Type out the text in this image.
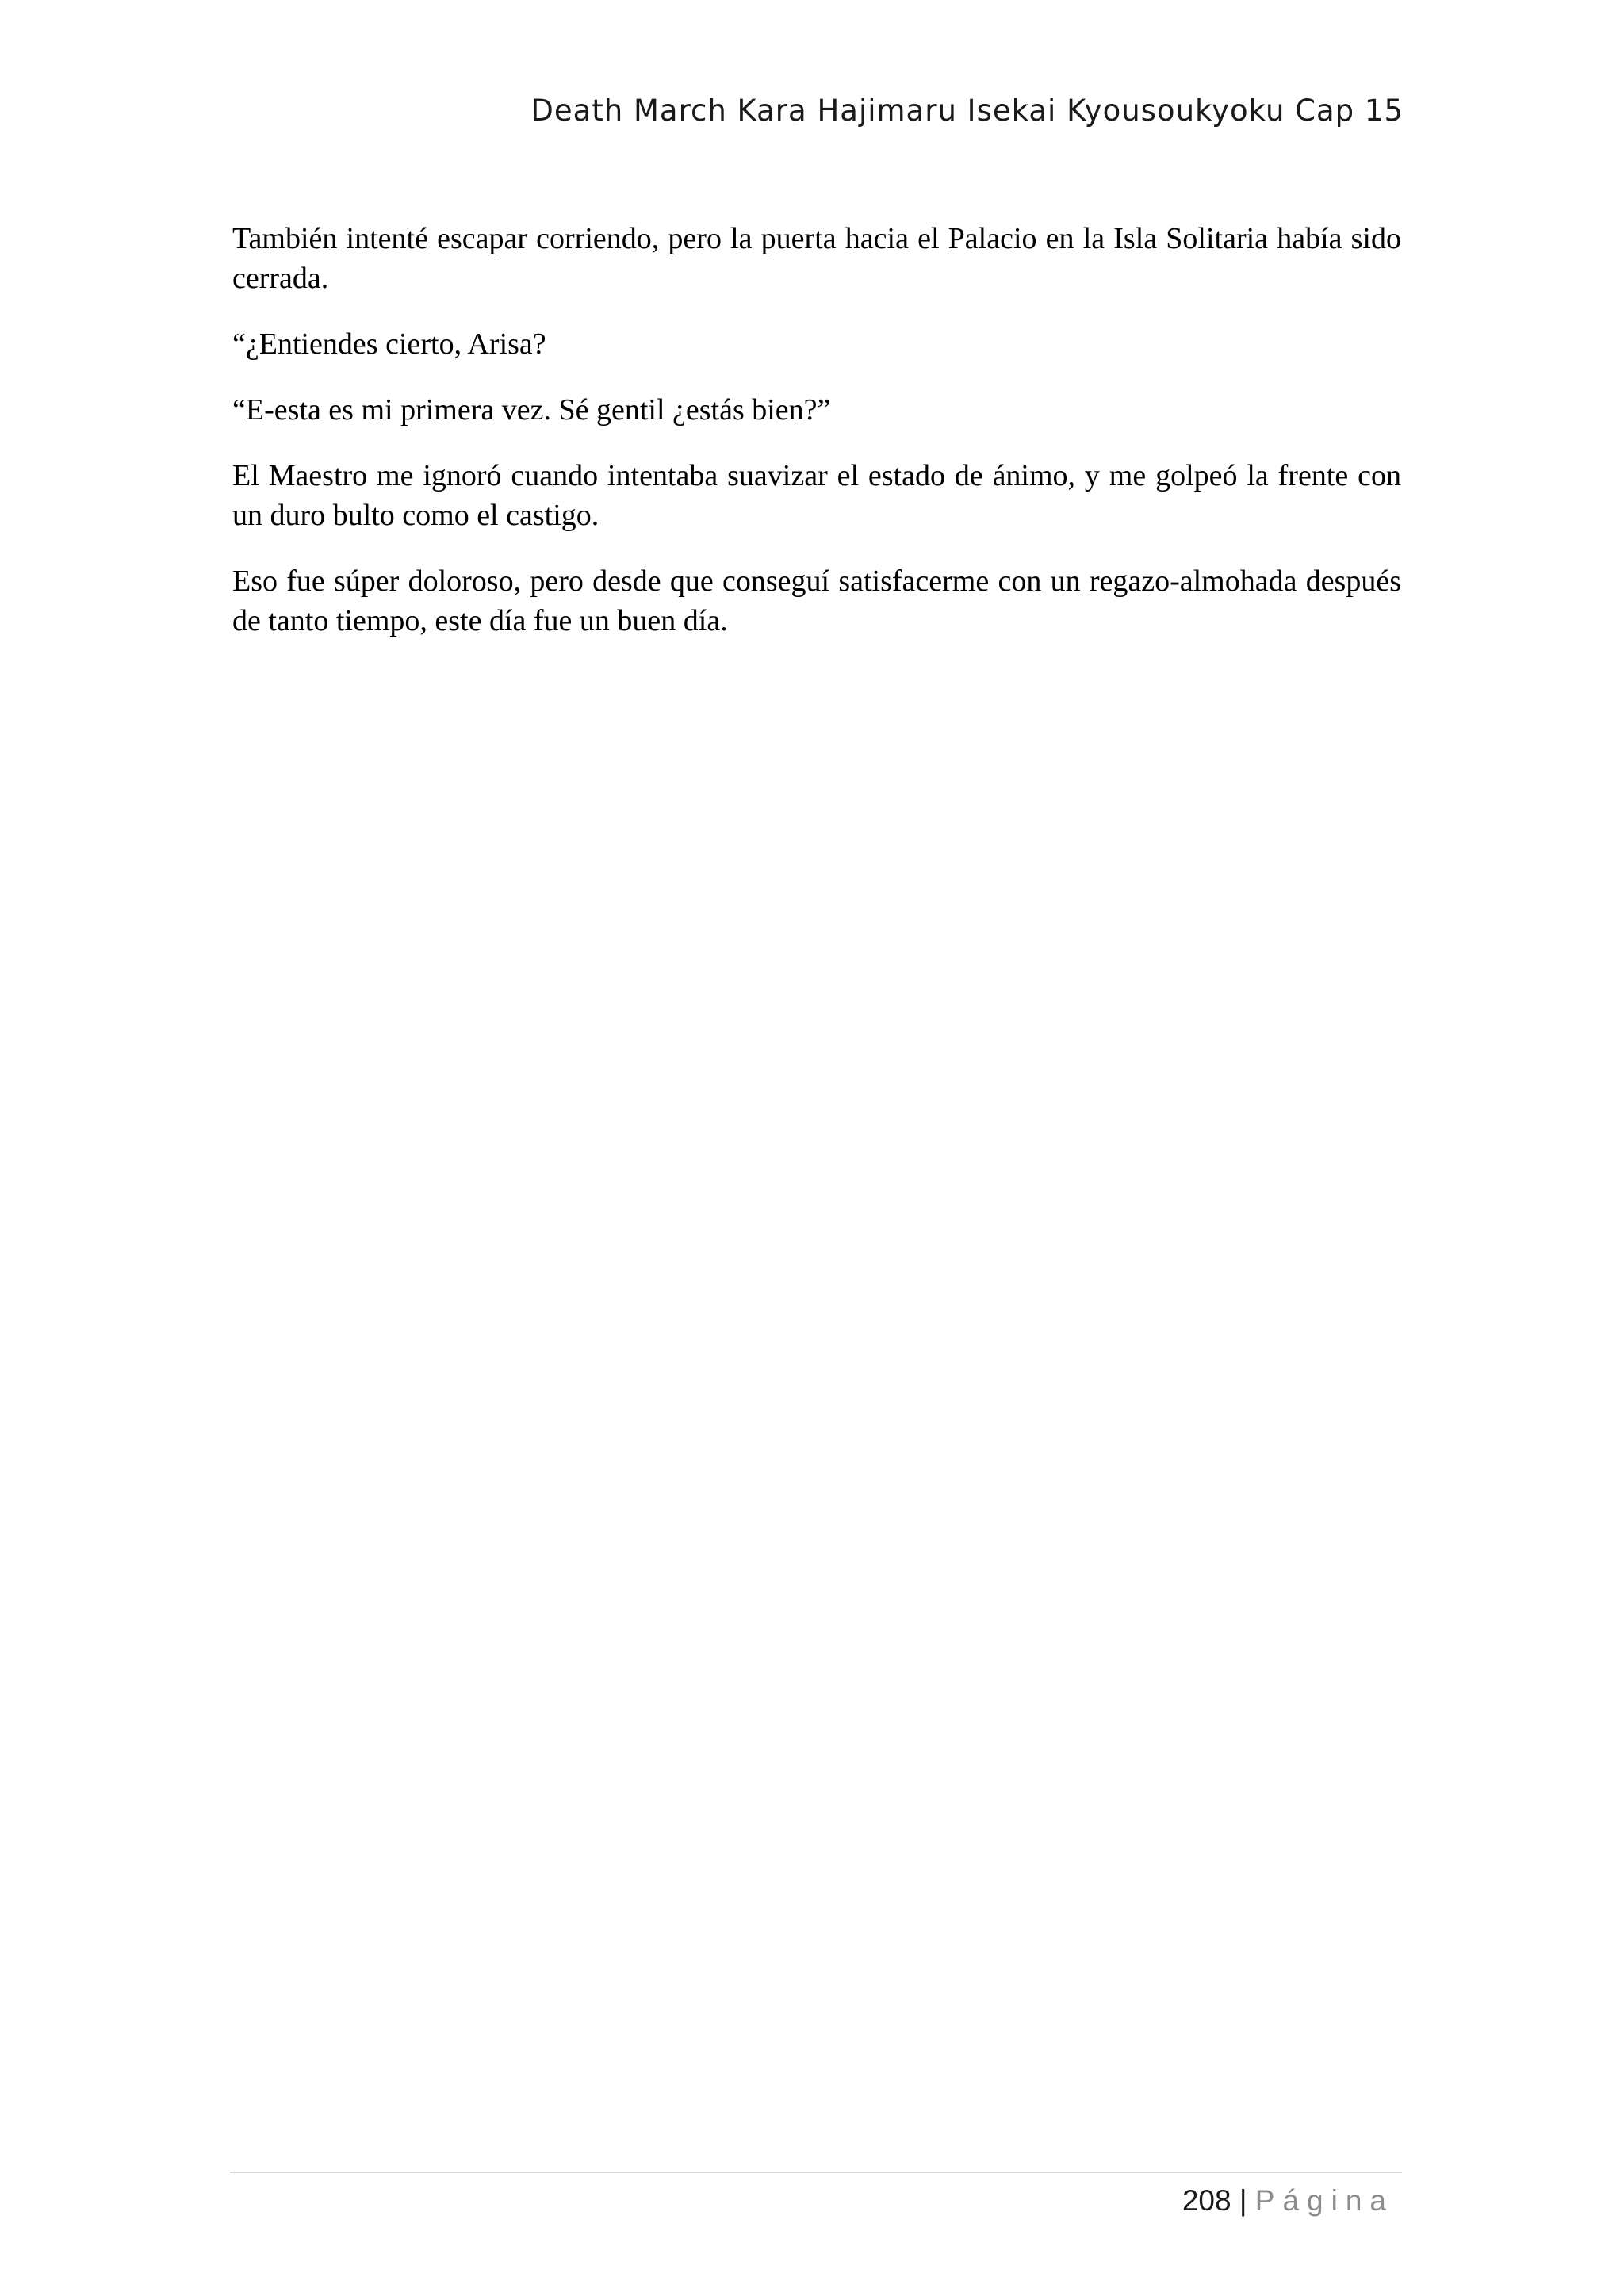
Death March Kara Hajimaru Isekai Kyousoukyoku Cap 15

También intenté escapar corriendo, pero la puerta hacia el Palacio en la Isla Solitaria había sido cerrada.

“¿Entiendes cierto, Arisa?

“E-esta es mi primera vez. Sé gentil ¿estás bien?”

El Maestro me ignoró cuando intentaba suavizar el estado de ánimo, y me golpeó la frente con un duro bulto como el castigo.

Eso fue súper doloroso, pero desde que conseguí satisfacerme con un regazo-almohada después de tanto tiempo, este día fue un buen día.

208 | Página
